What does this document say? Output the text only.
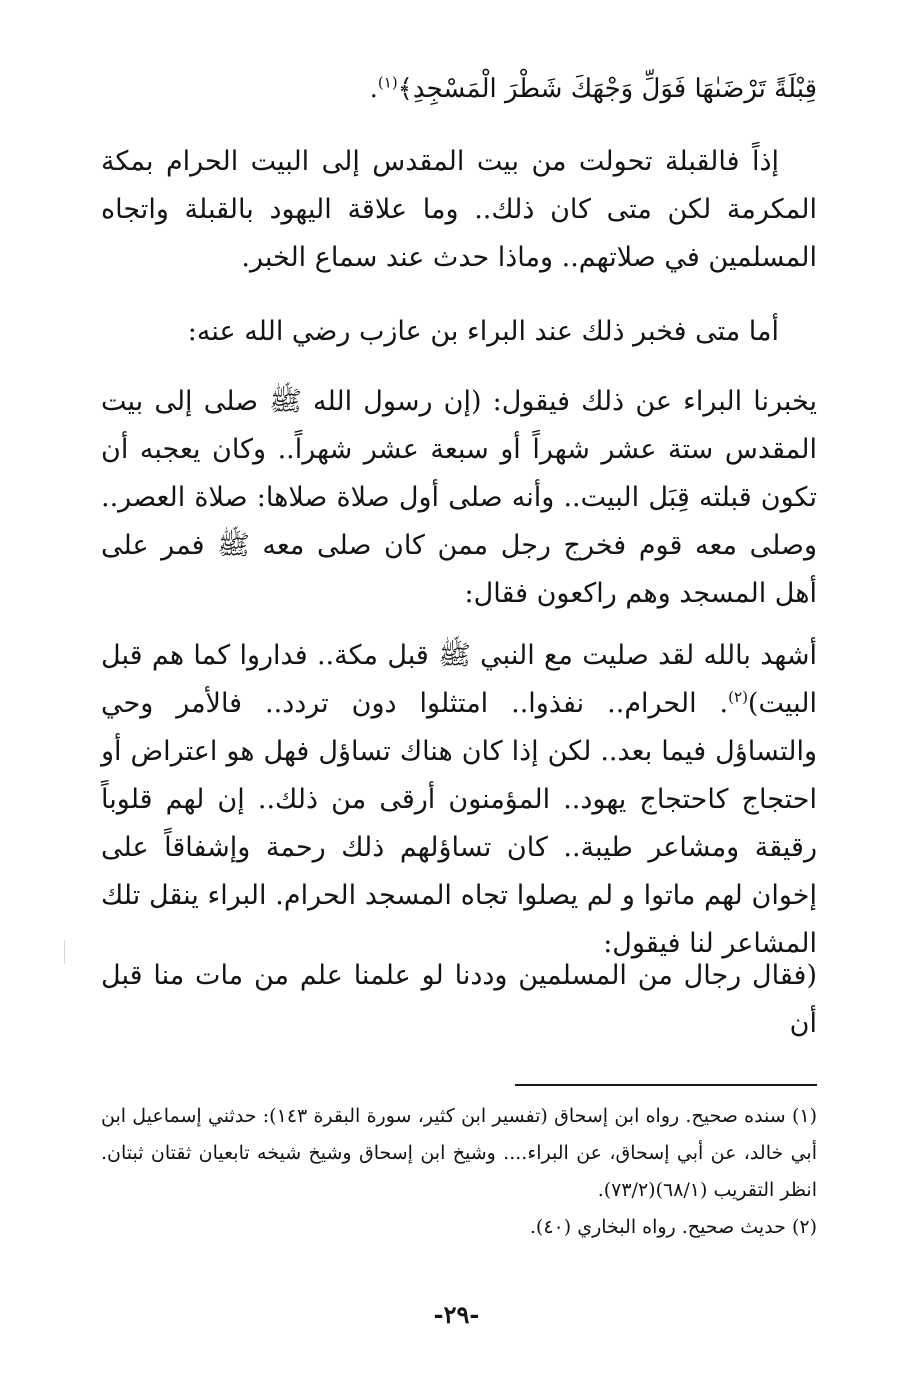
قِبْلَةً تَرْضَىٰهَا فَوَلِّ وَجْهَكَ شَطْرَ الْمَسْجِدِ﴾$^{(١)}$.
إذاً فالقبلة تحولت من بيت المقدس إلى البيت الحرام بمكة المكرمة لكن متى كان ذلك.. وما علاقة اليهود بالقبلة واتجاه المسلمين في صلاتهم.. وماذا حدث عند سماع الخبر.
أما متى فخبر ذلك عند البراء بن عازب رضي الله عنه:
يخبرنا البراء عن ذلك فيقول: (إن رسول الله ﷺ صلى إلى بيت المقدس ستة عشر شهراً أو سبعة عشر شهراً.. وكان يعجبه أن تكون قبلته قِبَل البيت.. وأنه صلى أول صلاة صلاها: صلاة العصر.. وصلى معه قوم فخرج رجل ممن كان صلى معه ﷺ فمر على أهل المسجد وهم راكعون فقال:
أشهد بالله لقد صليت مع النبي ﷺ قبل مكة.. فداروا كما هم قبل البيت)$^{(٢)}$. الحرام.. نفذوا.. امتثلوا دون تردد.. فالأمر وحي والتساؤل فيما بعد.. لكن إذا كان هناك تساؤل فهل هو اعتراض أو احتجاج كاحتجاج يهود.. المؤمنون أرقى من ذلك.. إن لهم قلوباً رقيقة ومشاعر طيبة.. كان تساؤلهم ذلك رحمة وإشفاقاً على إخوان لهم ماتوا و لم يصلوا تجاه المسجد الحرام. البراء ينقل تلك المشاعر لنا فيقول:
(فقال رجال من المسلمين وددنا لو علمنا علم من مات منا قبل أن

(١) سنده صحيح. رواه ابن إسحاق (تفسير ابن كثير، سورة البقرة ١٤٣): حدثني إسماعيل ابن أبي خالد، عن أبي إسحاق، عن البراء.... وشيخ ابن إسحاق وشيخ شيخه تابعيان ثقتان ثبتان. انظر التقريب (٦٨/١)(٧٣/٢).

(٢) حديث صحيح. رواه البخاري (٤٠).

-٢٩-
